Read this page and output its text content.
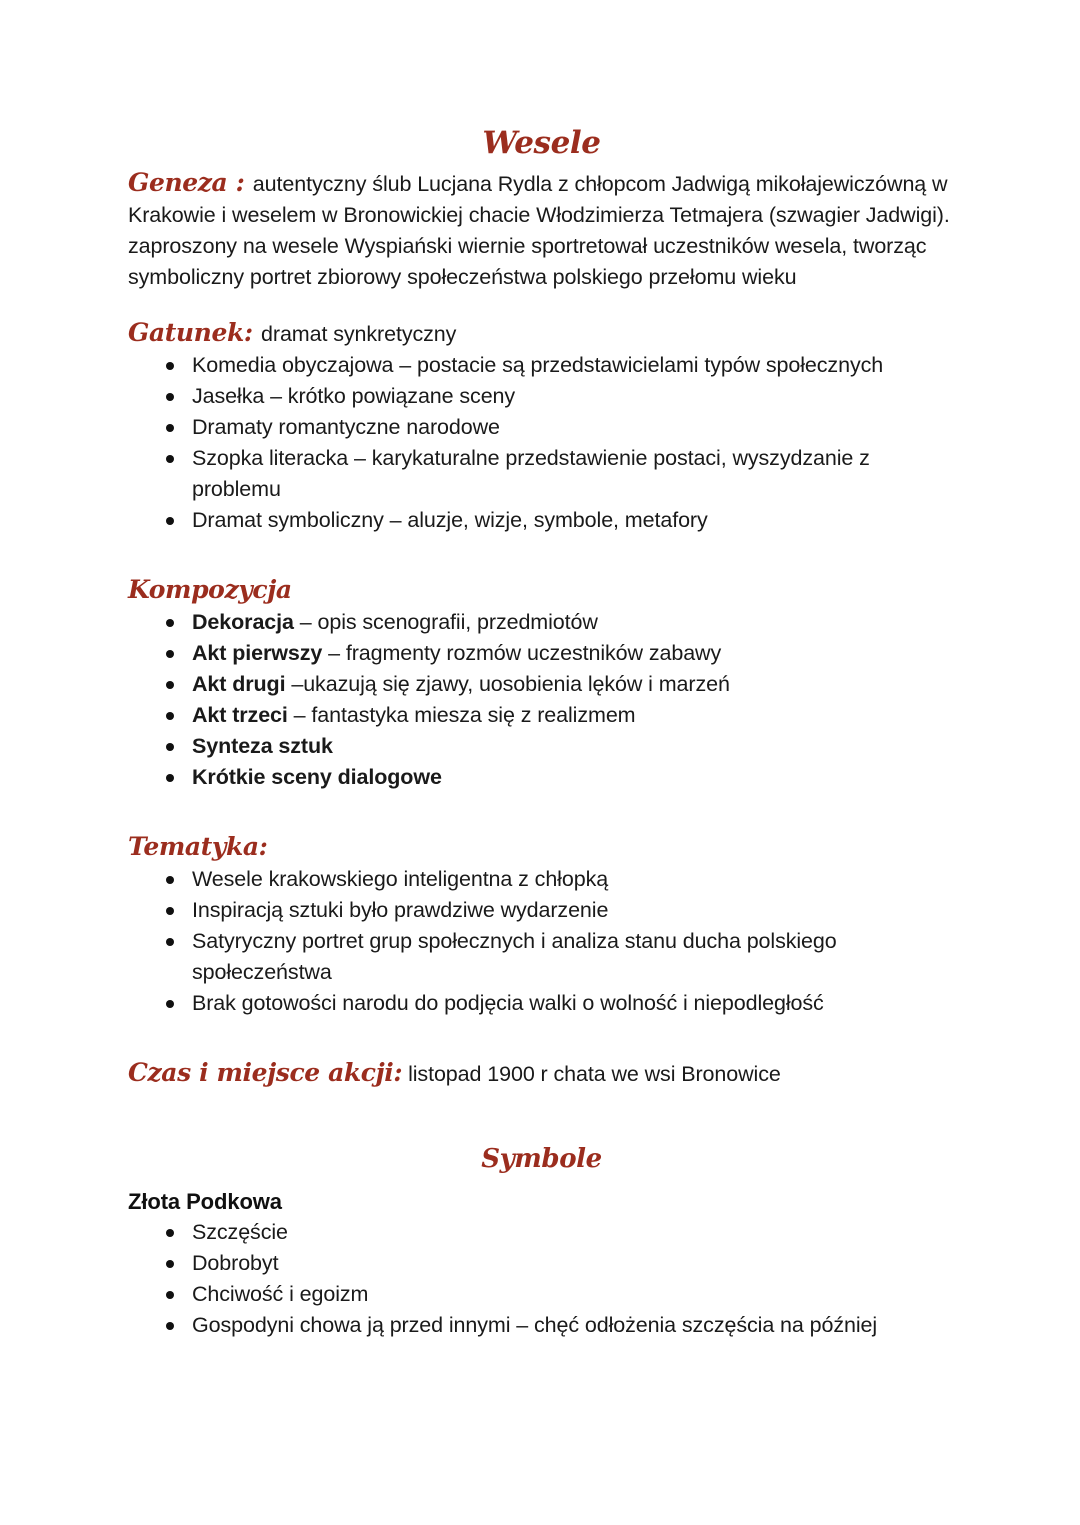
Wesele

Geneza : autentyczny ślub Lucjana Rydla z chłopcom Jadwigą mikołajewiczówną w Krakowie i weselem w Bronowickiej chacie Włodzimierza Tetmajera (szwagier Jadwigi). zaproszony na wesele Wyspiański wiernie sportretował uczestników wesela, tworząc symboliczny portret zbiorowy społeczeństwa polskiego przełomu wieku

Gatunek: dramat synkretyczny

Komedia obyczajowa – postacie są przedstawicielami typów społecznych
Jasełka – krótko powiązane sceny
Dramaty romantyczne narodowe
Szopka literacka – karykaturalne przedstawienie postaci, wyszydzanie z problemu
Dramat symboliczny – aluzje, wizje, symbole, metafory

Kompozycja

Dekoracja – opis scenografii, przedmiotów
Akt pierwszy – fragmenty rozmów uczestników zabawy
Akt drugi –ukazują się zjawy, uosobienia lęków i marzeń
Akt trzeci – fantastyka miesza się z realizmem
Synteza sztuk
Krótkie sceny dialogowe

Tematyka:

Wesele krakowskiego inteligentna z chłopką
Inspiracją sztuki było prawdziwe wydarzenie
Satyryczny portret grup społecznych i analiza stanu ducha polskiego społeczeństwa
Brak gotowości narodu do podjęcia walki o wolność i niepodległość

Czas i miejsce akcji: listopad 1900 r chata we wsi Bronowice

Symbole

Złota Podkowa

Szczęście
Dobrobyt
Chciwość i egoizm
Gospodyni chowa ją przed innymi – chęć odłożenia szczęścia na później
